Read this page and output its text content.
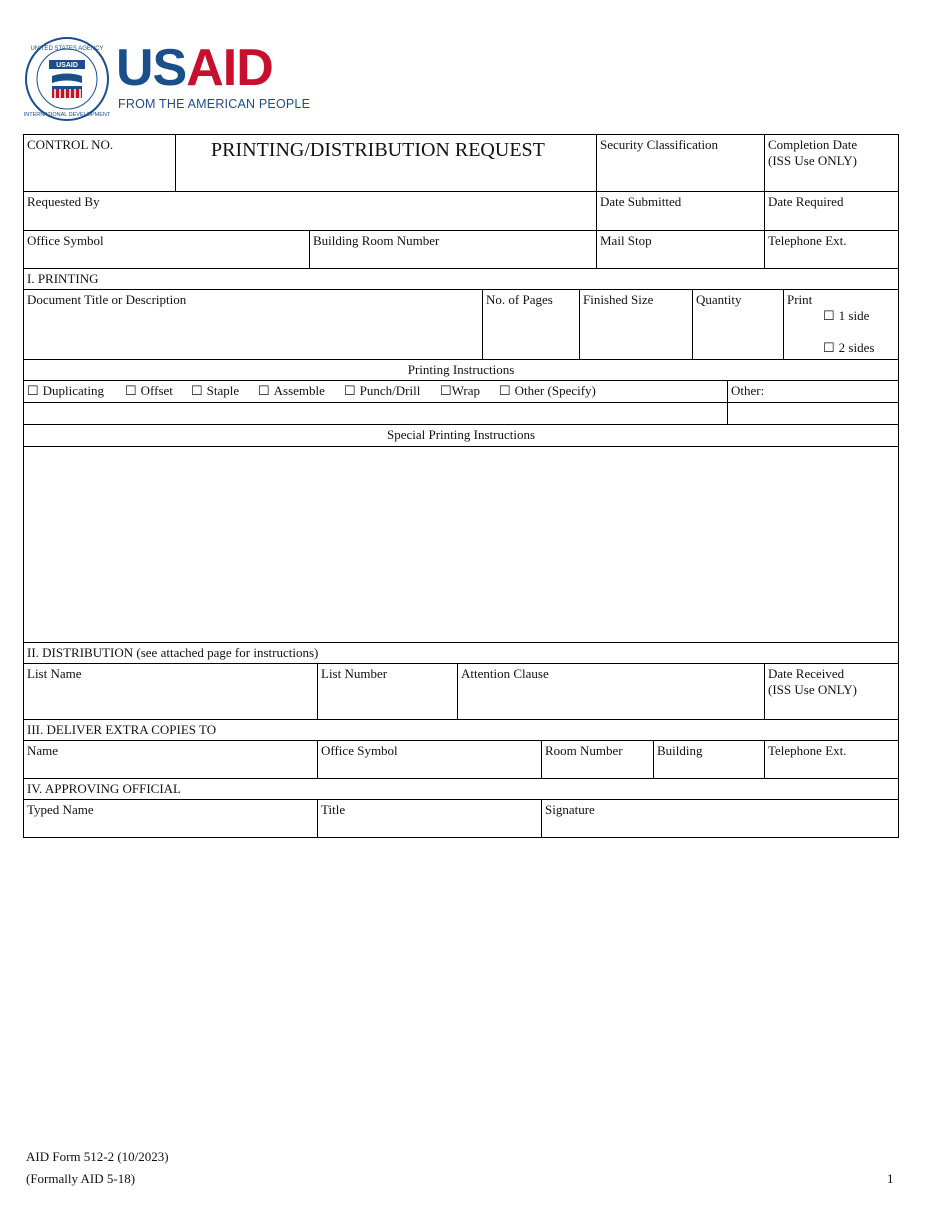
UNITED STATES AGENCY
INTERNATIONAL DEVELOPMENT
USAID USAID
FROM THE AMERICAN PEOPLE
CONTROL NO.	PRINTING/DISTRIBUTION REQUEST	Security Classification	Completion Date
(ISS Use ONLY)
Requested By	Date Submitted	Date Required
Office Symbol	Building Room Number	Mail Stop	Telephone Ext.
I. PRINTING
Document Title or Description	No. of Pages	Finished Size	Quantity	Print
☐ 1 side
☐ 2 sides
Printing Instructions
☐ Duplicating ☐ Offset ☐ Staple ☐ Assemble ☐ Punch/Drill ☐Wrap ☐ Other (Specify)	Other:
Special Printing Instructions
II. DISTRIBUTION (see attached page for instructions)
List Name	List Number	Attention Clause	Date Received
(ISS Use ONLY)
III. DELIVER EXTRA COPIES TO
Name	Office Symbol	Room Number	Building	Telephone Ext.
IV. APPROVING OFFICIAL
Typed Name	Title	Signature
AID Form 512-2 (10/2023)
(Formally AID 5-18)	1
